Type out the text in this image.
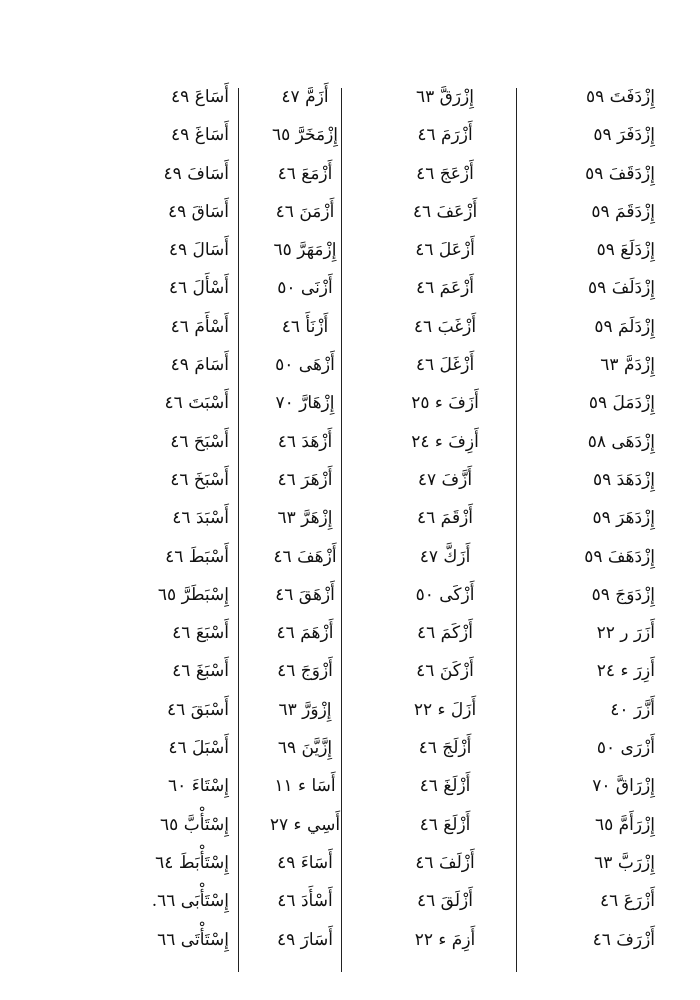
إِزْدَفَتَ ٥٩
إِزْدَفَرَ ٥٩
إِزْدَقَفَ ٥٩
إِزْدَقَمَ ٥٩
إِزْدَلَعَ ٥٩
إِزْدَلَفَ ٥٩
إِزْدَلَمَ ٥٩
إِزْدَمَّ ٦٣
إِزْدَمَلَ ٥٩
إِزْدَهَى ٥٨
إِزْدَهَدَ ٥٩
إِزْدَهَرَ ٥٩
إِزْدَهَفَ ٥٩
إِزْدَوَجَ ٥٩
أَزَرَ ر ٢٢
أَزِرَ ء ٢٤
أَزَّرَ ٤٠
أَزْرَى ٥٠
إِزْرَاقَّ ٧٠
إِزْرَأَمَّ ٦٥
إِزْرَبَّ ٦٣
أَزْرَعَ ٤٦
أَزْرَفَ ٤٦
إِزْرَقَّ ٦٣
أَزْرَمَ ٤٦
أَزْعَجَ ٤٦
أَزْعَفَ ٤٦
أَزْعَلَ ٤٦
أَزْعَمَ ٤٦
أَزْغَبَ ٤٦
أَزْغَلَ ٤٦
أَزَفَ ء ٢٥
أَزِفَ ء ٢٤
أَزَّفَ ٤٧
أَزْقَمَ ٤٦
أَزَكَّ ٤٧
أَزْكَى ٥٠
أَزْكَمَ ٤٦
أَزْكَنَ ٤٦
أَزَلَ ء ٢٢
أَزْلَجَ ٤٦
أَزْلَغَ ٤٦
أَزْلَعَ ٤٦
أَزْلَفَ ٤٦
أَزْلَقَ ٤٦
أَزِمَ ء ٢٢
أَزَمَّ ٤٧
إِزْمَخَرَّ ٦٥
أَزْمَعَ ٤٦
أَزْمَنَ ٤٦
إِزْمَهَرَّ ٦٥
أَزْنَى ٥٠
أَزْنَأَ ٤٦
أَزْهَى ٥٠
إِزْهَارَّ ٧٠
أَزْهَدَ ٤٦
أَزْهَرَ ٤٦
إِزْهَرَّ ٦٣
أَزْهَفَ ٤٦
أَزْهَقَ ٤٦
أَزْهَمَ ٤٦
أَزْوَجَ ٤٦
إِزْوَرَّ ٦٣
إِزَّيَّنَ ٦٩
أَسَا ء ١١
أَسِي ء ٢٧
أَسَاءَ ٤٩
أَسْأَدَ ٤٦
أَسَارَ ٤٩
أَسَاعَ ٤٩
أَسَاغَ ٤٩
أَسَافَ ٤٩
أَسَاقَ ٤٩
أَسَالَ ٤٩
أَسْأَلَ ٤٦
أَسْأَمَ ٤٦
أَسَامَ ٤٩
أَسْبَتَ ٤٦
أَسْبَحَ ٤٦
أَسْبَخَ ٤٦
أَسْبَدَ ٤٦
أَسْبَطَ ٤٦
إِسْبَطَرَّ ٦٥
أَسْبَعَ ٤٦
أَسْبَغَ ٤٦
أَسْبَقَ ٤٦
أَسْبَلَ ٤٦
إِسْتَاءَ ٦٠
إِسْتَأْبَّ ٦٥
إِسْتَأْبَطَ ٦٤
إِسْتَأْبَى ٦٦.
إِسْتَأْتَى ٦٦
